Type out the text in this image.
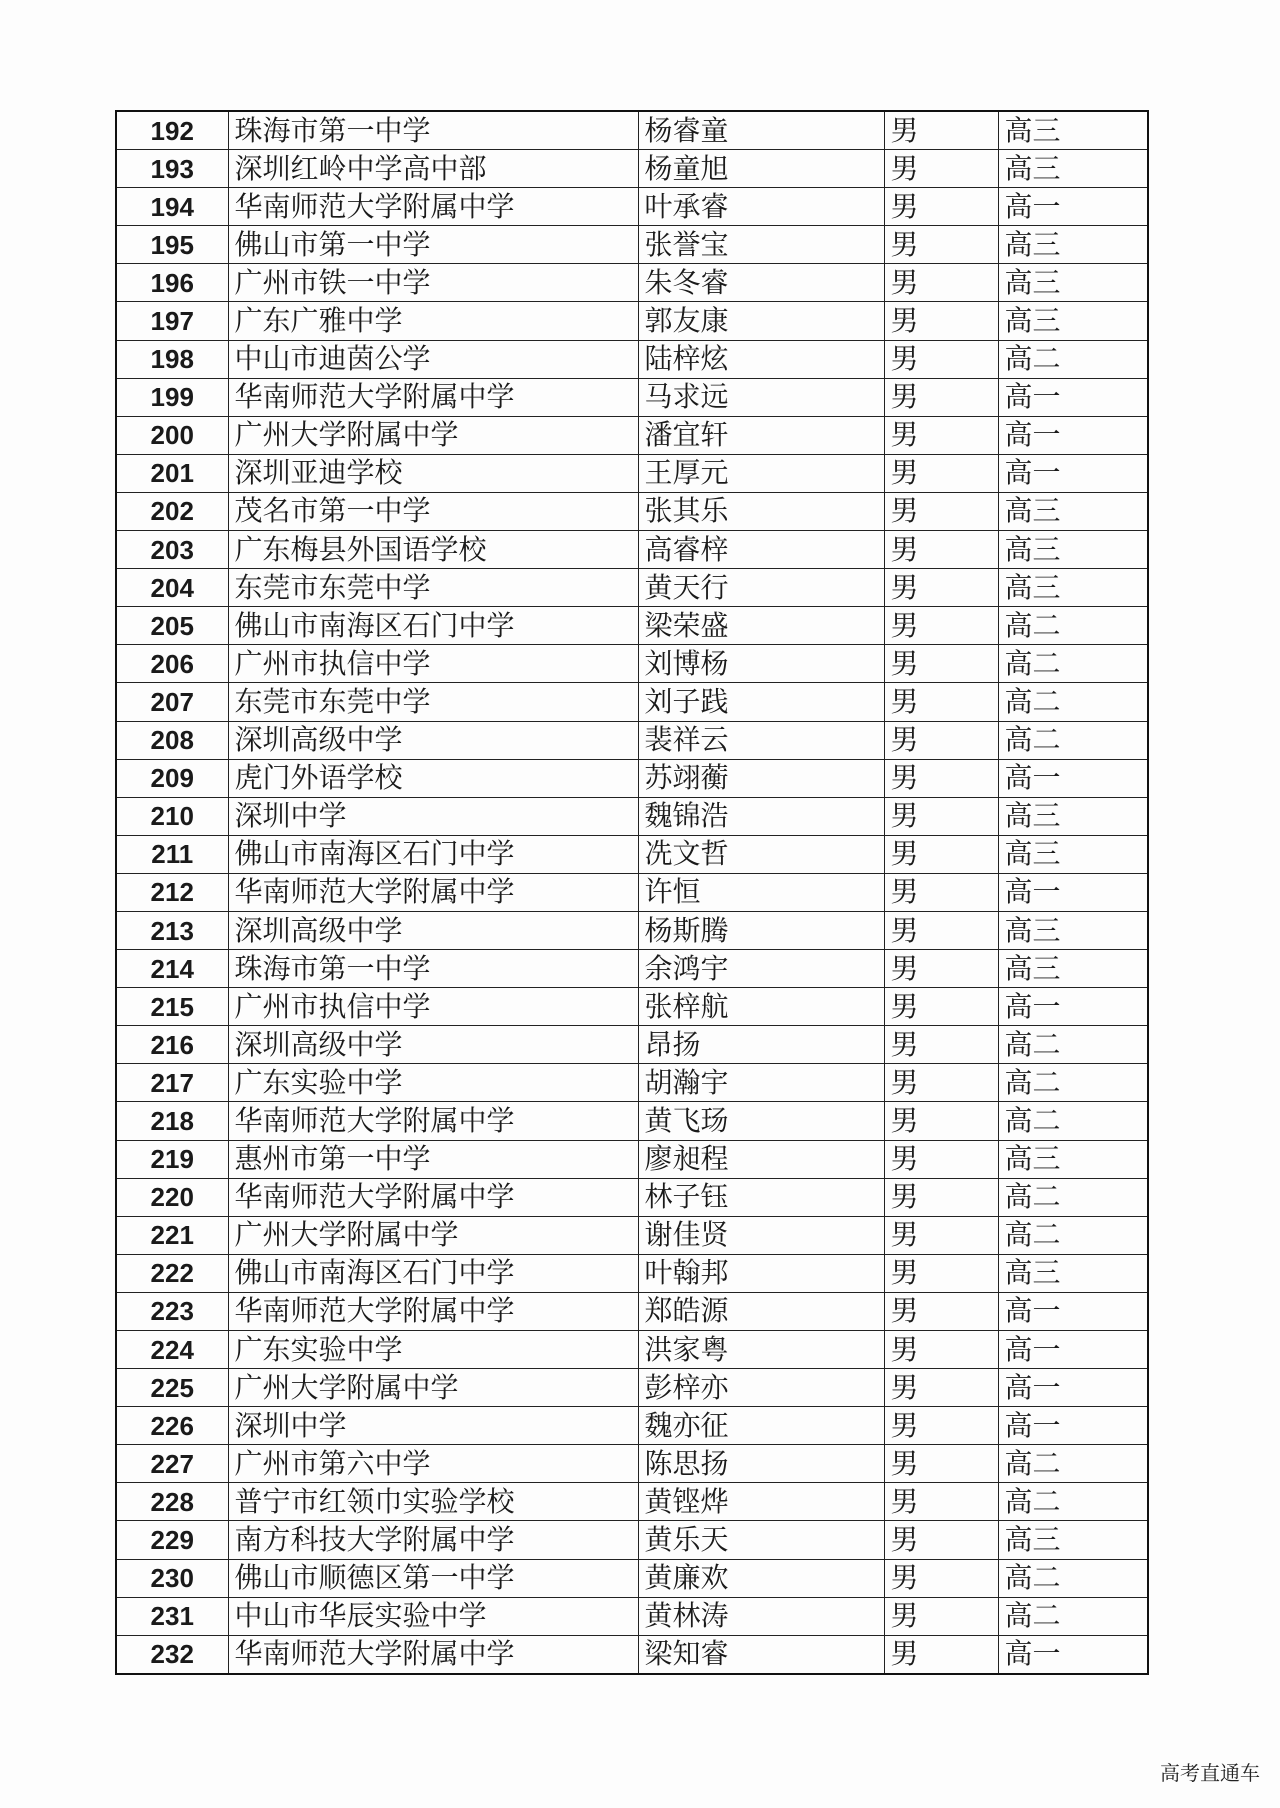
192	珠海市第一中学	杨睿童	男	高三
193	深圳红岭中学高中部	杨童旭	男	高三
194	华南师范大学附属中学	叶承睿	男	高一
195	佛山市第一中学	张誉宝	男	高三
196	广州市铁一中学	朱冬睿	男	高三
197	广东广雅中学	郭友康	男	高三
198	中山市迪茵公学	陆梓炫	男	高二
199	华南师范大学附属中学	马求远	男	高一
200	广州大学附属中学	潘宜轩	男	高一
201	深圳亚迪学校	王厚元	男	高一
202	茂名市第一中学	张其乐	男	高三
203	广东梅县外国语学校	高睿梓	男	高三
204	东莞市东莞中学	黄天行	男	高三
205	佛山市南海区石门中学	梁荣盛	男	高二
206	广州市执信中学	刘博杨	男	高二
207	东莞市东莞中学	刘子践	男	高二
208	深圳高级中学	裴祥云	男	高二
209	虎门外语学校	苏翊蘅	男	高一
210	深圳中学	魏锦浩	男	高三
211	佛山市南海区石门中学	冼文哲	男	高三
212	华南师范大学附属中学	许恒	男	高一
213	深圳高级中学	杨斯腾	男	高三
214	珠海市第一中学	余鸿宇	男	高三
215	广州市执信中学	张梓航	男	高一
216	深圳高级中学	昂扬	男	高二
217	广东实验中学	胡瀚宇	男	高二
218	华南师范大学附属中学	黄飞玚	男	高二
219	惠州市第一中学	廖昶程	男	高三
220	华南师范大学附属中学	林子钰	男	高二
221	广州大学附属中学	谢佳贤	男	高二
222	佛山市南海区石门中学	叶翰邦	男	高三
223	华南师范大学附属中学	郑皓源	男	高一
224	广东实验中学	洪家粤	男	高一
225	广州大学附属中学	彭梓亦	男	高一
226	深圳中学	魏亦征	男	高一
227	广州市第六中学	陈思扬	男	高二
228	普宁市红领巾实验学校	黄铿烨	男	高二
229	南方科技大学附属中学	黄乐天	男	高三
230	佛山市顺德区第一中学	黄廉欢	男	高二
231	中山市华辰实验中学	黄林涛	男	高二
232	华南师范大学附属中学	梁知睿	男	高一
高考直通车
